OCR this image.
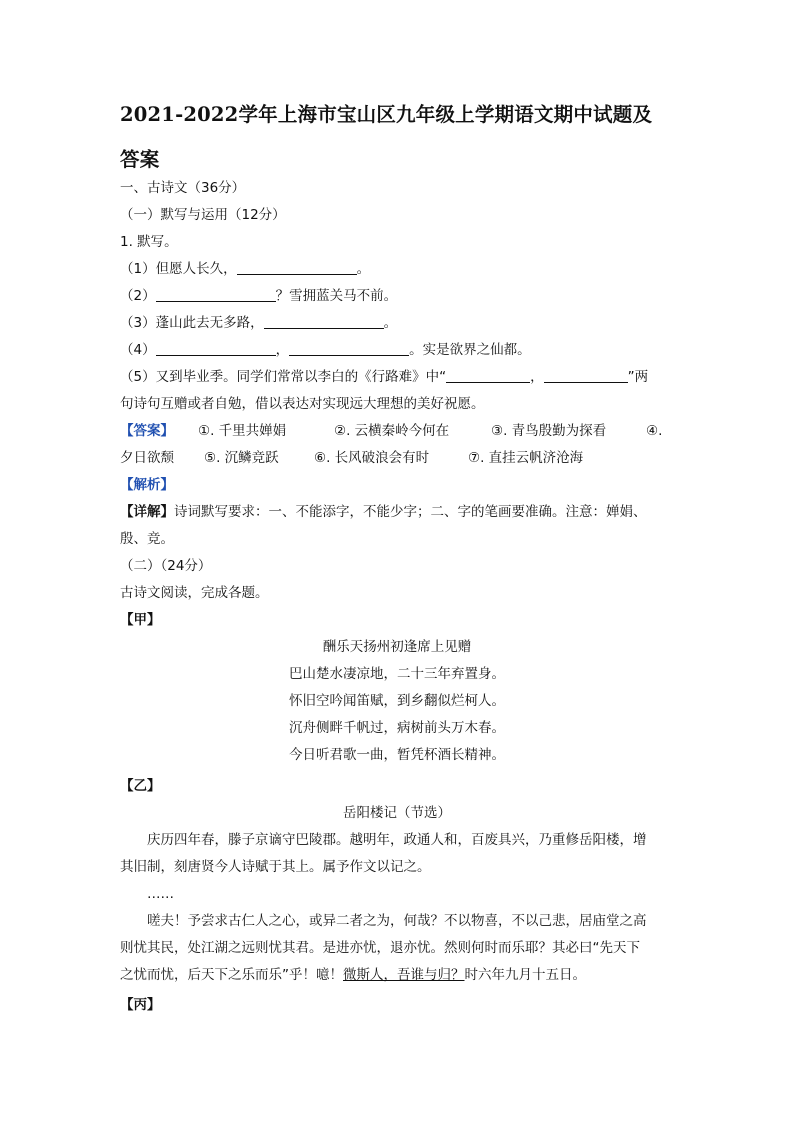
2021-2022学年上海市宝山区九年级上学期语文期中试题及
答案
一、古诗文（36分）
（一）默写与运用（12分）
1. 默写。
（1）但愿人长久，	。
（2）	？雪拥蓝关马不前。
（3）蓬山此去无多路，	。
（4）	，	。实是欲界之仙都。
（5）又到毕业季。同学们常常以李白的《行路难》中“	，	”两
句诗句互赠或者自勉，借以表达对实现远大理想的美好祝愿。
【答案】 ①. 千里共婵娟	②. 云横秦岭今何在	③. 青鸟殷勤为探看	④.
夕日欲颓 ⑤. 沉鳞竞跃	⑥. 长风破浪会有时	⑦. 直挂云帆济沧海
【解析】
【详解】诗词默写要求：一、不能添字，不能少字；二、字的笔画要准确。注意：婵娟、
殷、竞。
（二）（24分）
古诗文阅读，完成各题。
【甲】
酬乐天扬州初逢席上见赠
巴山楚水凄凉地，二十三年弃置身。
怀旧空吟闻笛赋，到乡翻似烂柯人。
沉舟侧畔千帆过，病树前头万木春。
今日听君歌一曲，暂凭杯酒长精神。
【乙】
岳阳楼记（节选）
庆历四年春，滕子京谪守巴陵郡。越明年，政通人和，百废具兴，乃重修岳阳楼，增
其旧制，刻唐贤今人诗赋于其上。属予作文以记之。
……
嗟夫！予尝求古仁人之心，或异二者之为，何哉？不以物喜，不以己悲，居庙堂之高
则忧其民，处江湖之远则忧其君。是进亦忧，退亦忧。然则何时而乐耶？其必曰“先天下
之忧而忧，后天下之乐而乐”乎！噫！微斯人，吾谁与归？时六年九月十五日。
【丙】
